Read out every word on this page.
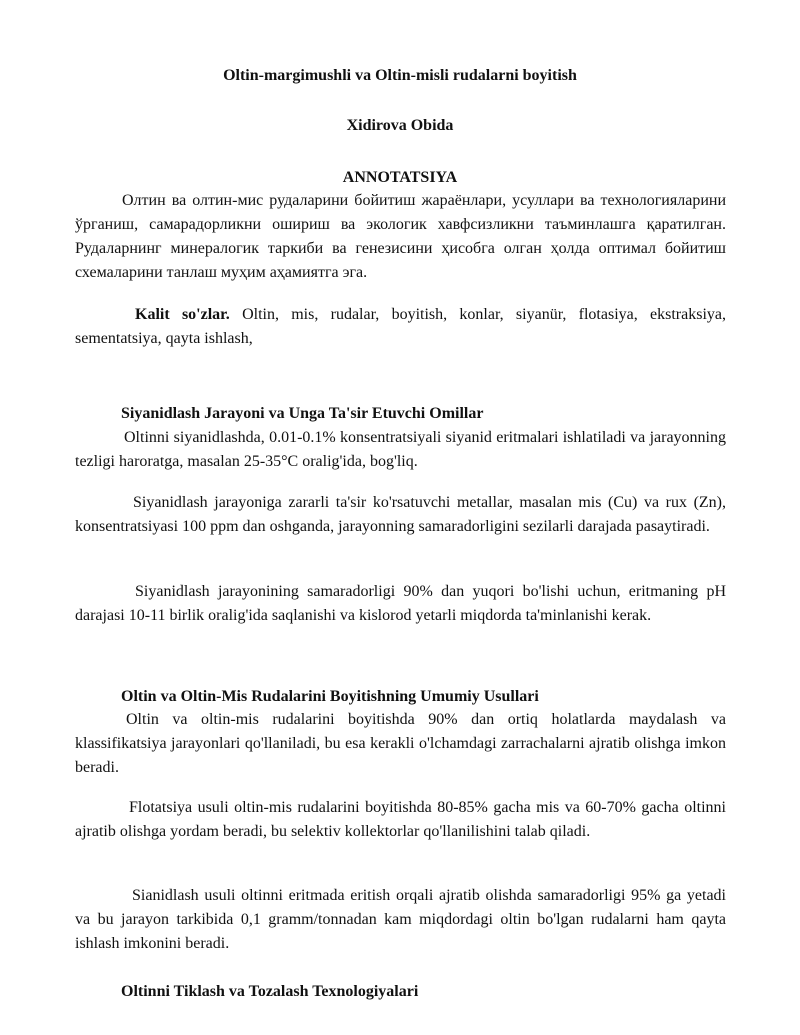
Oltin-margimushli va Oltin-misli rudalarni boyitish
Xidirova Obida
ANNOTATSIYA

Олтин ва олтин-мис рудаларини бойитиш жараёнлари, усуллари ва технологияларини ўрганиш, самарадорликни ошириш ва экологик хавфсизликни таъминлашга қаратилган. Рудаларнинг минералогик таркиби ва генезисини ҳисобга олган ҳолда оптимал бойитиш схемаларини танлаш муҳим аҳамиятга эга.

Kalit so'zlar. Oltin, mis, rudalar, boyitish, konlar, siyanür, flotasiya, ekstraksiya, sementatsiya, qayta ishlash,

Siyanidlash Jarayoni va Unga Ta'sir Etuvchi Omillar

Oltinni siyanidlashda, 0.01-0.1% konsentratsiyali siyanid eritmalari ishlatiladi va jarayonning tezligi haroratga, masalan 25-35°C oralig'ida, bog'liq.

Siyanidlash jarayoniga zararli ta'sir ko'rsatuvchi metallar, masalan mis (Cu) va rux (Zn), konsentratsiyasi 100 ppm dan oshganda, jarayonning samaradorligini sezilarli darajada pasaytiradi.

Siyanidlash jarayonining samaradorligi 90% dan yuqori bo'lishi uchun, eritmaning pH darajasi 10-11 birlik oralig'ida saqlanishi va kislorod yetarli miqdorda ta'minlanishi kerak.

Oltin va Oltin-Mis Rudalarini Boyitishning Umumiy Usullari

Oltin va oltin-mis rudalarini boyitishda 90% dan ortiq holatlarda maydalash va klassifikatsiya jarayonlari qo'llaniladi, bu esa kerakli o'lchamdagi zarrachalarni ajratib olishga imkon beradi.

Flotatsiya usuli oltin-mis rudalarini boyitishda 80-85% gacha mis va 60-70% gacha oltinni ajratib olishga yordam beradi, bu selektiv kollektorlar qo'llanilishini talab qiladi.

Sianidlash usuli oltinni eritmada eritish orqali ajratib olishda samaradorligi 95% ga yetadi va bu jarayon tarkibida 0,1 gramm/tonnadan kam miqdordagi oltin bo'lgan rudalarni ham qayta ishlash imkonini beradi.

Oltinni Tiklash va Tozalash Texnologiyalari
